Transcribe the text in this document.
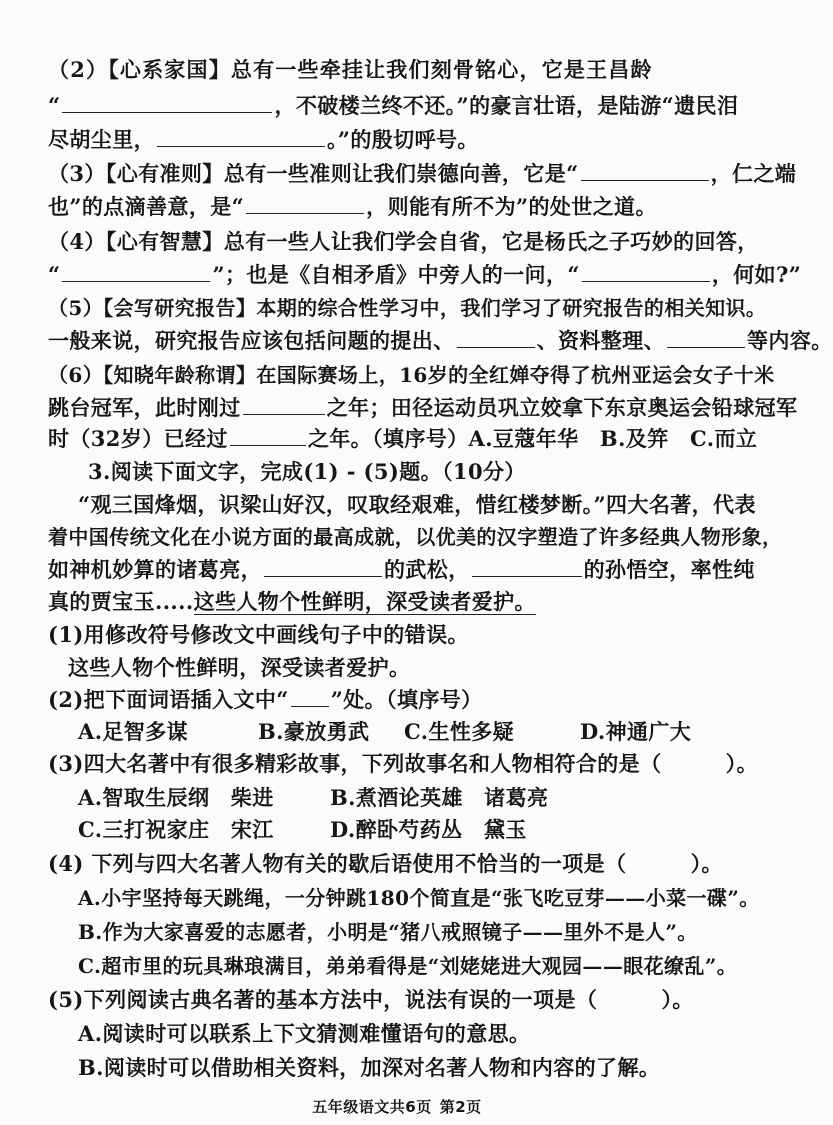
（2）【心系家国】总有一些牵挂让我们刻骨铭心，它是王昌龄
“	，不破楼兰终不还。”的豪言壮语，是陆游“遗民泪
尽胡尘里，	。”的殷切呼号。
（3）【心有准则】总有一些准则让我们崇德向善，它是“	，仁之端
也”的点滴善意，是“	，则能有所不为”的处世之道。
（4）【心有智慧】总有一些人让我们学会自省，它是杨氏之子巧妙的回答，
“	”；也是《自相矛盾》中旁人的一问，“	，何如?”
（5）【会写研究报告】本期的综合性学习中，我们学习了研究报告的相关知识。
一般来说，研究报告应该包括问题的提出、	、资料整理、	等内容。
（6）【知晓年龄称谓】在国际赛场上，16岁的全红婵夺得了杭州亚运会女子十米
跳台冠军，此时刚过	之年；田径运动员巩立姣拿下东京奥运会铅球冠军
时（32岁）已经过	之年。（填序号）A.豆蔻年华　B.及笄　C.而立
3.阅读下面文字，完成(1) - (5)题。（10分）
“观三国烽烟，识梁山好汉，叹取经艰难，惜红楼梦断。”四大名著，代表
着中国传统文化在小说方面的最高成就，以优美的汉字塑造了许多经典人物形象，
如神机妙算的诸葛亮，	的武松，	的孙悟空，率性纯
真的贾宝玉.....这些人物个性鲜明，深受读者爱护。
(1)用修改符号修改文中画线句子中的错误。
这些人物个性鲜明，深受读者爱护。
(2)把下面词语插入文中“ ”处。（填序号）
A.足智多谋	B.豪放勇武 C.生性多疑	D.神通广大
(3)四大名著中有很多精彩故事，下列故事名和人物相符合的是（　　　）。
A.智取生辰纲　柴进	B.煮酒论英雄　诸葛亮
C.三打祝家庄　宋江	D.醉卧芍药丛　黛玉
(4) 下列与四大名著人物有关的歇后语使用不恰当的一项是（　　　）。
A.小宇坚持每天跳绳，一分钟跳180个简直是“张飞吃豆芽——小菜一碟”。
B.作为大家喜爱的志愿者，小明是“猪八戒照镜子——里外不是人”。
C.超市里的玩具琳琅满目，弟弟看得是“刘姥姥进大观园——眼花缭乱”。
(5)下列阅读古典名著的基本方法中，说法有误的一项是（　　　）。
A.阅读时可以联系上下文猜测难懂语句的意思。
B.阅读时可以借助相关资料，加深对名著人物和内容的了解。
五年级语文共6页 第2页
